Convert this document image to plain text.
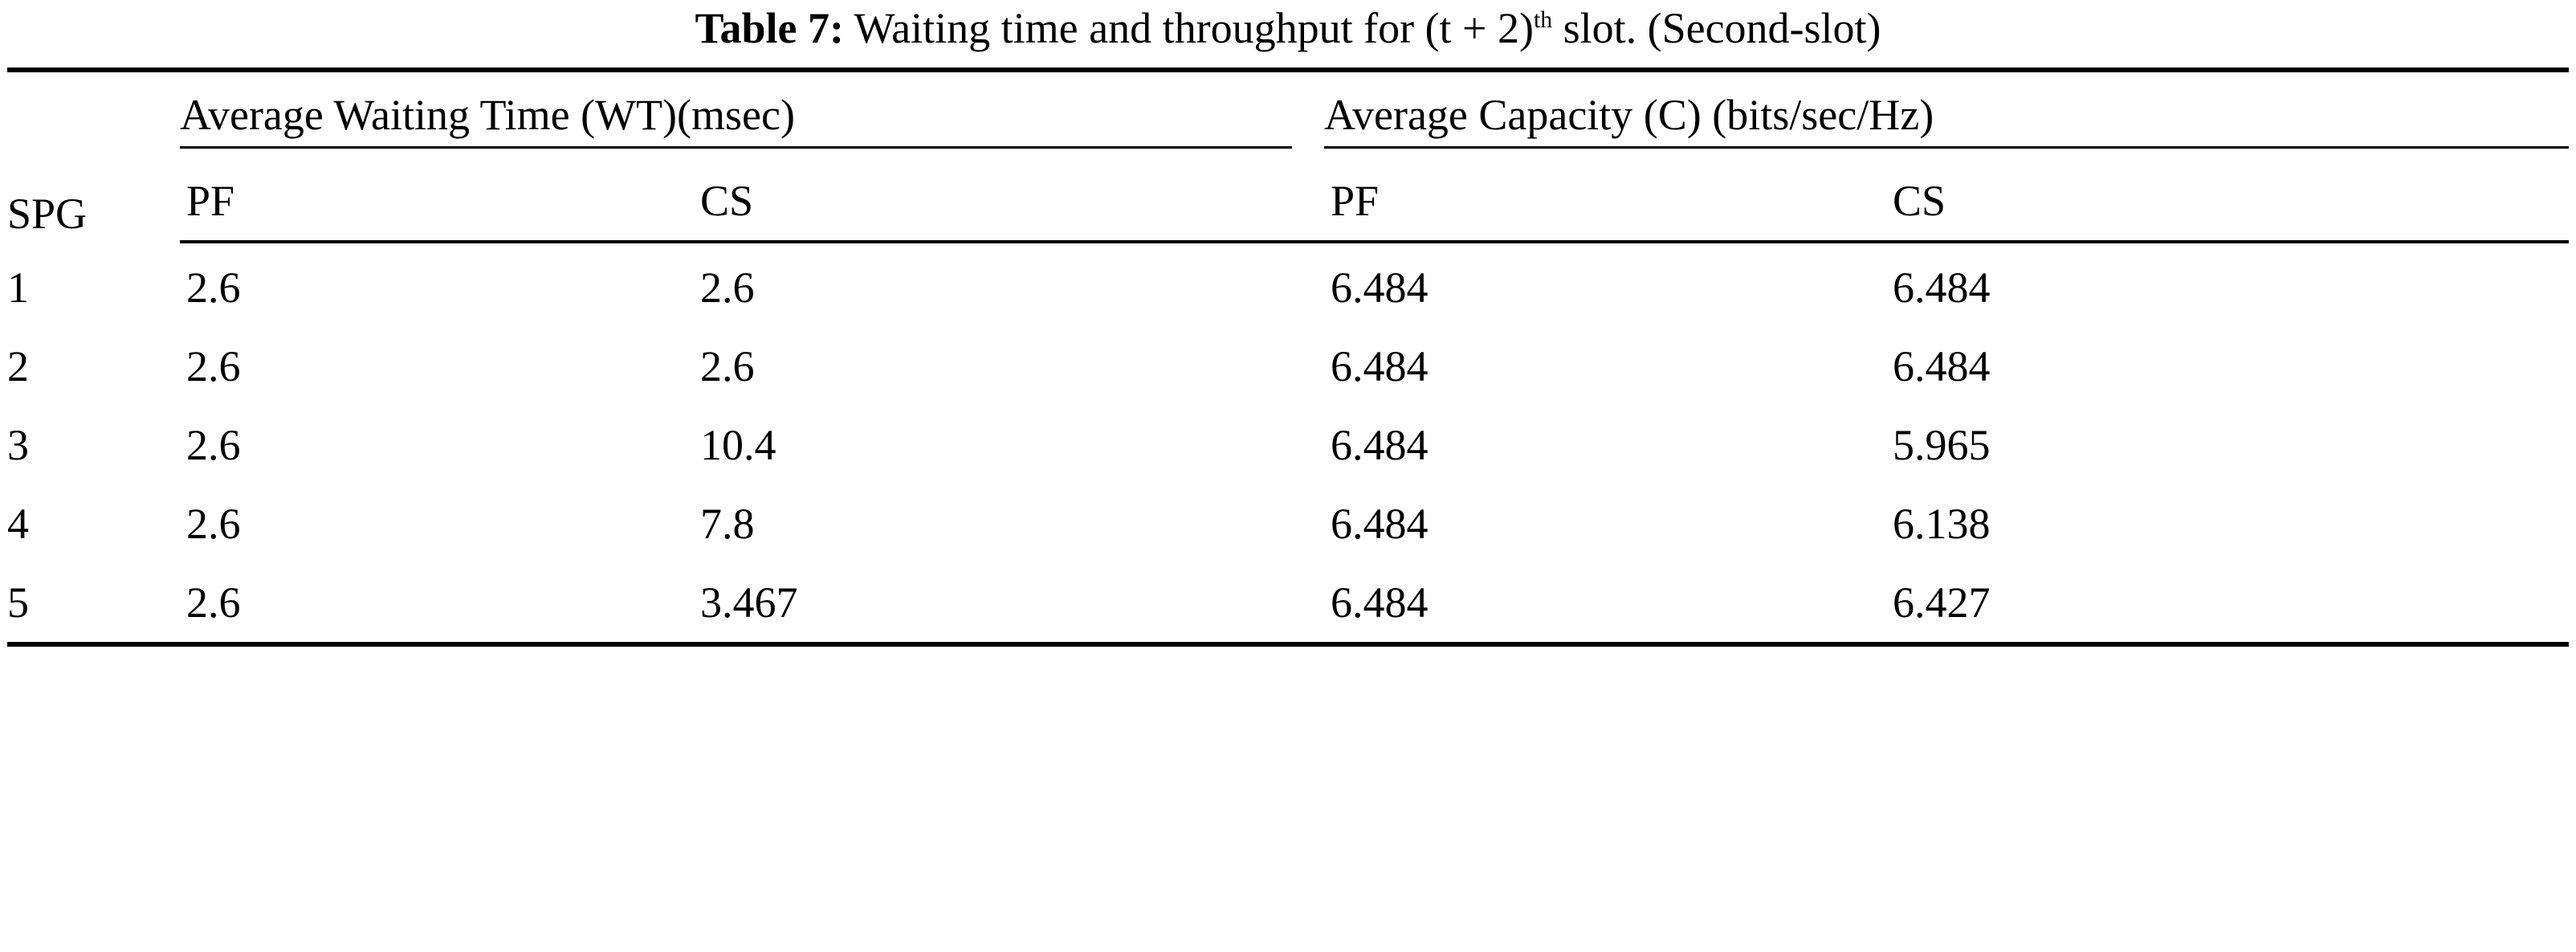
Table 7: Waiting time and throughput for $(t + 2)^{th}$ slot. (Second-slot)
SPG	Average Waiting Time (WT)(msec)			Average Capacity (C) (bits/sec/Hz)	
	PF	CS		PF	CS
1	2.6	2.6		6.484	6.484
2	2.6	2.6		6.484	6.484
3	2.6	10.4		6.484	5.965
4	2.6	7.8		6.484	6.138
5	2.6	3.467		6.484	6.427
